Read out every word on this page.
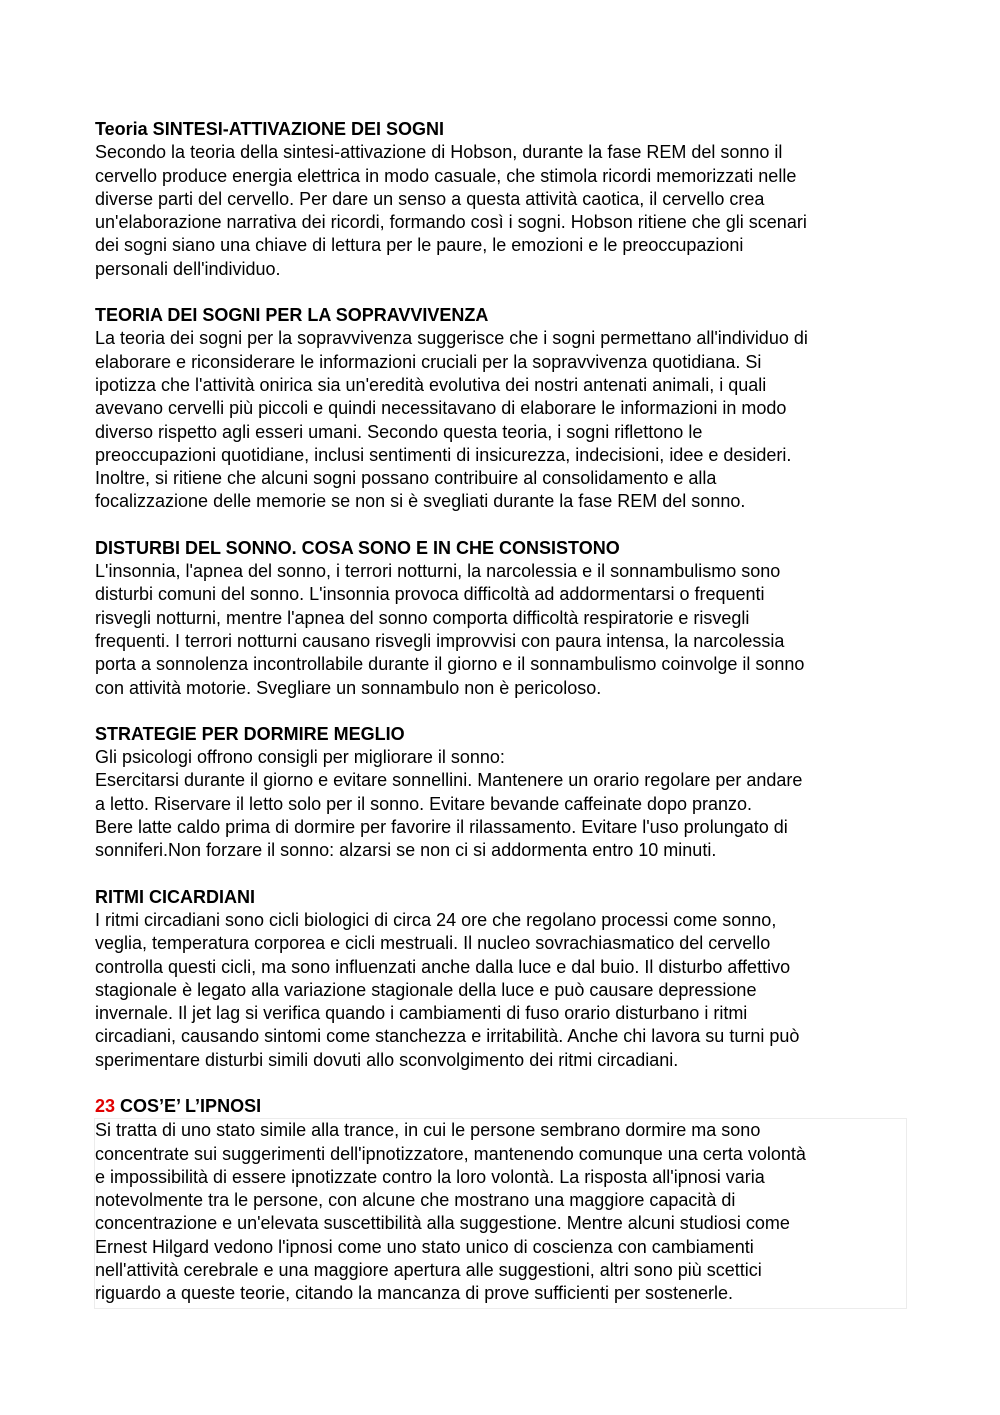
Teoria SINTESI-ATTIVAZIONE DEI SOGNI

Secondo la teoria della sintesi-attivazione di Hobson, durante la fase REM del sonno il
cervello produce energia elettrica in modo casuale, che stimola ricordi memorizzati nelle
diverse parti del cervello. Per dare un senso a questa attività caotica, il cervello crea
un'elaborazione narrativa dei ricordi, formando così i sogni. Hobson ritiene che gli scenari
dei sogni siano una chiave di lettura per le paure, le emozioni e le preoccupazioni
personali dell'individuo.

TEORIA DEI SOGNI PER LA SOPRAVVIVENZA

La teoria dei sogni per la sopravvivenza suggerisce che i sogni permettano all'individuo di
elaborare e riconsiderare le informazioni cruciali per la sopravvivenza quotidiana. Si
ipotizza che l'attività onirica sia un'eredità evolutiva dei nostri antenati animali, i quali
avevano cervelli più piccoli e quindi necessitavano di elaborare le informazioni in modo
diverso rispetto agli esseri umani. Secondo questa teoria, i sogni riflettono le
preoccupazioni quotidiane, inclusi sentimenti di insicurezza, indecisioni, idee e desideri.
Inoltre, si ritiene che alcuni sogni possano contribuire al consolidamento e alla
focalizzazione delle memorie se non si è svegliati durante la fase REM del sonno.

DISTURBI DEL SONNO. COSA SONO E IN CHE CONSISTONO

L'insonnia, l'apnea del sonno, i terrori notturni, la narcolessia e il sonnambulismo sono
disturbi comuni del sonno. L'insonnia provoca difficoltà ad addormentarsi o frequenti
risvegli notturni, mentre l'apnea del sonno comporta difficoltà respiratorie e risvegli
frequenti. I terrori notturni causano risvegli improvvisi con paura intensa, la narcolessia
porta a sonnolenza incontrollabile durante il giorno e il sonnambulismo coinvolge il sonno
con attività motorie. Svegliare un sonnambulo non è pericoloso.

STRATEGIE PER DORMIRE MEGLIO

Gli psicologi offrono consigli per migliorare il sonno:
Esercitarsi durante il giorno e evitare sonnellini. Mantenere un orario regolare per andare
a letto. Riservare il letto solo per il sonno. Evitare bevande caffeinate dopo pranzo.
Bere latte caldo prima di dormire per favorire il rilassamento. Evitare l'uso prolungato di
sonniferi.Non forzare il sonno: alzarsi se non ci si addormenta entro 10 minuti.

RITMI CICARDIANI

I ritmi circadiani sono cicli biologici di circa 24 ore che regolano processi come sonno,
veglia, temperatura corporea e cicli mestruali. Il nucleo sovrachiasmatico del cervello
controlla questi cicli, ma sono influenzati anche dalla luce e dal buio. Il disturbo affettivo
stagionale è legato alla variazione stagionale della luce e può causare depressione
invernale. Il jet lag si verifica quando i cambiamenti di fuso orario disturbano i ritmi
circadiani, causando sintomi come stanchezza e irritabilità. Anche chi lavora su turni può
sperimentare disturbi simili dovuti allo sconvolgimento dei ritmi circadiani.

23 COS’E’ L’IPNOSI

Si tratta di uno stato simile alla trance, in cui le persone sembrano dormire ma sono
concentrate sui suggerimenti dell'ipnotizzatore, mantenendo comunque una certa volontà
e impossibilità di essere ipnotizzate contro la loro volontà. La risposta all'ipnosi varia
notevolmente tra le persone, con alcune che mostrano una maggiore capacità di
concentrazione e un'elevata suscettibilità alla suggestione. Mentre alcuni studiosi come
Ernest Hilgard vedono l'ipnosi come uno stato unico di coscienza con cambiamenti
nell'attività cerebrale e una maggiore apertura alle suggestioni, altri sono più scettici
riguardo a queste teorie, citando la mancanza di prove sufficienti per sostenerle.
